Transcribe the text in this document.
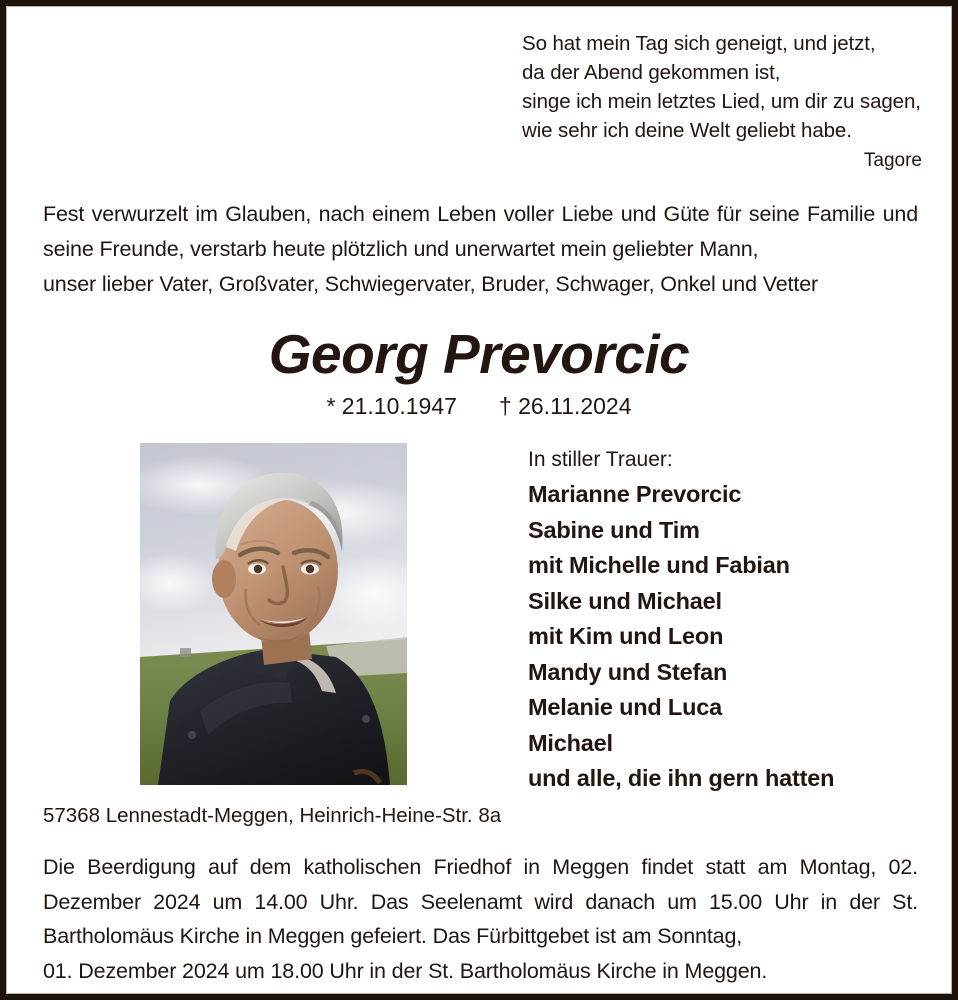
So hat mein Tag sich geneigt, und jetzt,
da der Abend gekommen ist,
singe ich mein letztes Lied, um dir zu sagen,
wie sehr ich deine Welt geliebt habe.
Tagore
Fest verwurzelt im Glauben, nach einem Leben voller Liebe und Güte für seine Familie und seine Freunde, verstarb heute plötzlich und unerwartet mein geliebter Mann,
unser lieber Vater, Großvater, Schwiegervater, Bruder, Schwager, Onkel und Vetter
Georg Prevorcic
* 21.10.1947 † 26.11.2024
In stiller Trauer:
Marianne Prevorcic
Sabine und Tim
mit Michelle und Fabian
Silke und Michael
mit Kim und Leon
Mandy und Stefan
Melanie und Luca
Michael
und alle, die ihn gern hatten
57368 Lennestadt-Meggen, Heinrich-Heine-Str. 8a
Die Beerdigung auf dem katholischen Friedhof in Meggen findet statt am Montag, 02. Dezember 2024 um 14.00 Uhr. Das Seelenamt wird danach um 15.00 Uhr in der St. Bartholomäus Kirche in Meggen gefeiert. Das Fürbittgebet ist am Sonntag,
01. Dezember 2024 um 18.00 Uhr in der St. Bartholomäus Kirche in Meggen.
